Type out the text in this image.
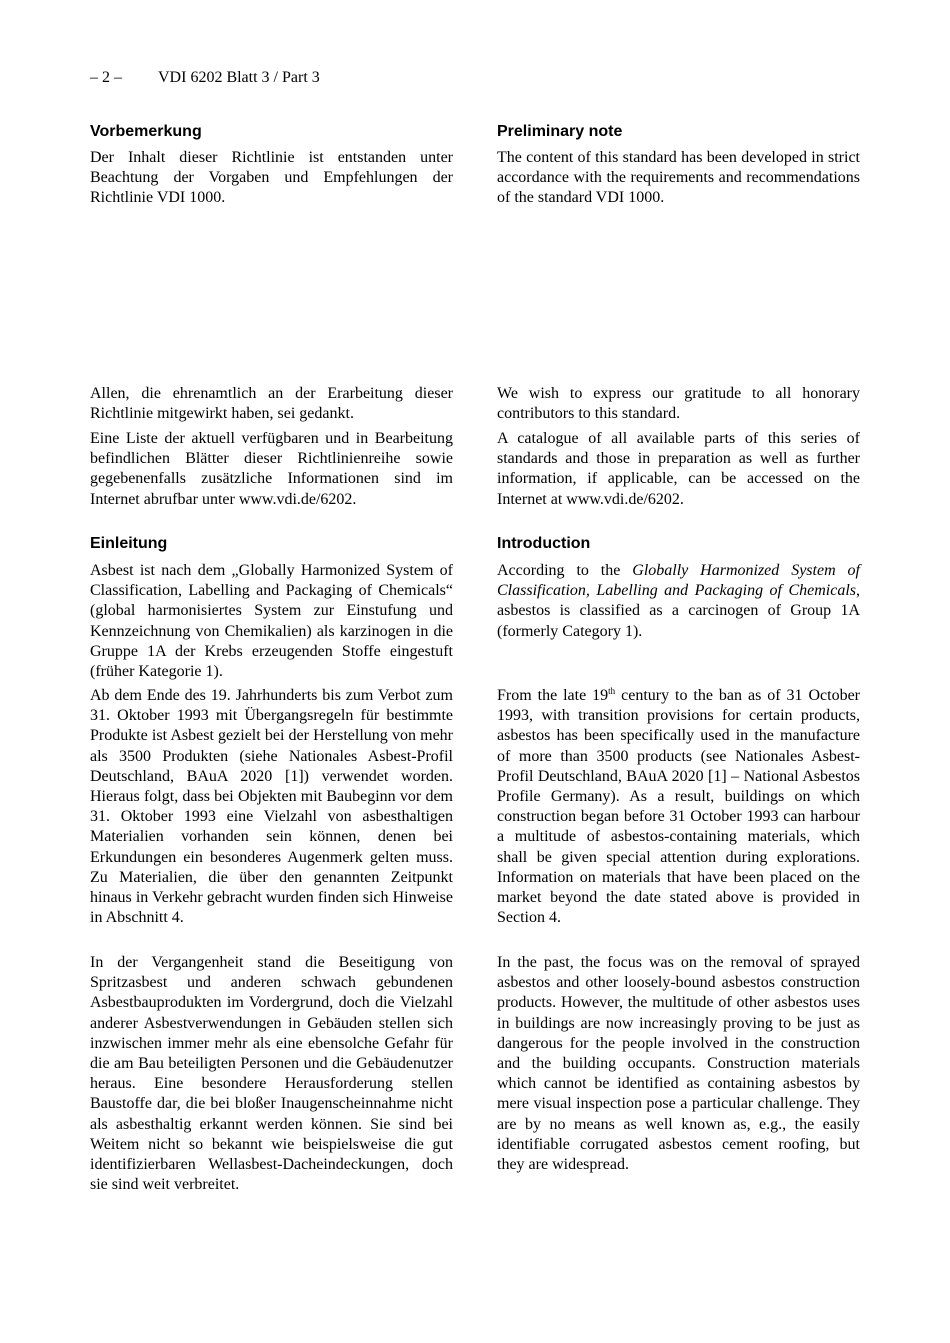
– 2 – VDI 6202 Blatt 3 / Part 3
Vorbemerkung
Der Inhalt dieser Richtlinie ist entstanden unter Beachtung der Vorgaben und Empfehlungen der Richtlinie VDI 1000.
Allen, die ehrenamtlich an der Erarbeitung dieser Richtlinie mitgewirkt haben, sei gedankt.
Eine Liste der aktuell verfügbaren und in Bearbeitung befindlichen Blätter dieser Richtlinienreihe sowie gegebenenfalls zusätzliche Informationen sind im Internet abrufbar unter www.vdi.de/6202.
Einleitung
Asbest ist nach dem „Globally Harmonized System of Classification, Labelling and Packaging of Chemicals“ (global harmonisiertes System zur Einstufung und Kennzeichnung von Chemikalien) als karzinogen in die Gruppe 1A der Krebs erzeugenden Stoffe eingestuft (früher Kategorie 1).
Ab dem Ende des 19. Jahrhunderts bis zum Verbot zum 31. Oktober 1993 mit Übergangsregeln für bestimmte Produkte ist Asbest gezielt bei der Herstellung von mehr als 3500 Produkten (siehe Nationales Asbest-Profil Deutschland, BAuA 2020 [1]) verwendet worden. Hieraus folgt, dass bei Objekten mit Baubeginn vor dem 31. Oktober 1993 eine Vielzahl von asbesthaltigen Materialien vorhanden sein können, denen bei Erkundungen ein besonderes Augenmerk gelten muss. Zu Materialien, die über den genannten Zeitpunkt hinaus in Verkehr gebracht wurden finden sich Hinweise in Abschnitt 4.
In der Vergangenheit stand die Beseitigung von Spritzasbest und anderen schwach gebundenen Asbestbauprodukten im Vordergrund, doch die Vielzahl anderer Asbestverwendungen in Gebäuden stellen sich inzwischen immer mehr als eine ebensolche Gefahr für die am Bau beteiligten Personen und die Gebäudenutzer heraus. Eine besondere Herausforderung stellen Baustoffe dar, die bei bloßer Inaugenscheinnahme nicht als asbesthaltig erkannt werden können. Sie sind bei Weitem nicht so bekannt wie beispielsweise die gut identifizierbaren Wellasbest-Dacheindeckungen, doch sie sind weit verbreitet.
Preliminary note
The content of this standard has been developed in strict accordance with the requirements and recommendations of the standard VDI 1000.
We wish to express our gratitude to all honorary contributors to this standard.
A catalogue of all available parts of this series of standards and those in preparation as well as further information, if applicable, can be accessed on the Internet at www.vdi.de/6202.
Introduction
According to the Globally Harmonized System of Classification, Labelling and Packaging of Chemicals, asbestos is classified as a carcinogen of Group 1A (formerly Category 1).
From the late 19th century to the ban as of 31 October 1993, with transition provisions for certain products, asbestos has been specifically used in the manufacture of more than 3500 products (see Nationales Asbest-Profil Deutschland, BAuA 2020 [1] – National Asbestos Profile Germany). As a result, buildings on which construction began before 31 October 1993 can harbour a multitude of asbestos-containing materials, which shall be given special attention during explorations. Information on materials that have been placed on the market beyond the date stated above is provided in Section 4.
In the past, the focus was on the removal of sprayed asbestos and other loosely-bound asbestos construction products. However, the multitude of other asbestos uses in buildings are now increasingly proving to be just as dangerous for the people involved in the construction and the building occupants. Construction materials which cannot be identified as containing asbestos by mere visual inspection pose a particular challenge. They are by no means as well known as, e.g., the easily identifiable corrugated asbestos cement roofing, but they are widespread.
